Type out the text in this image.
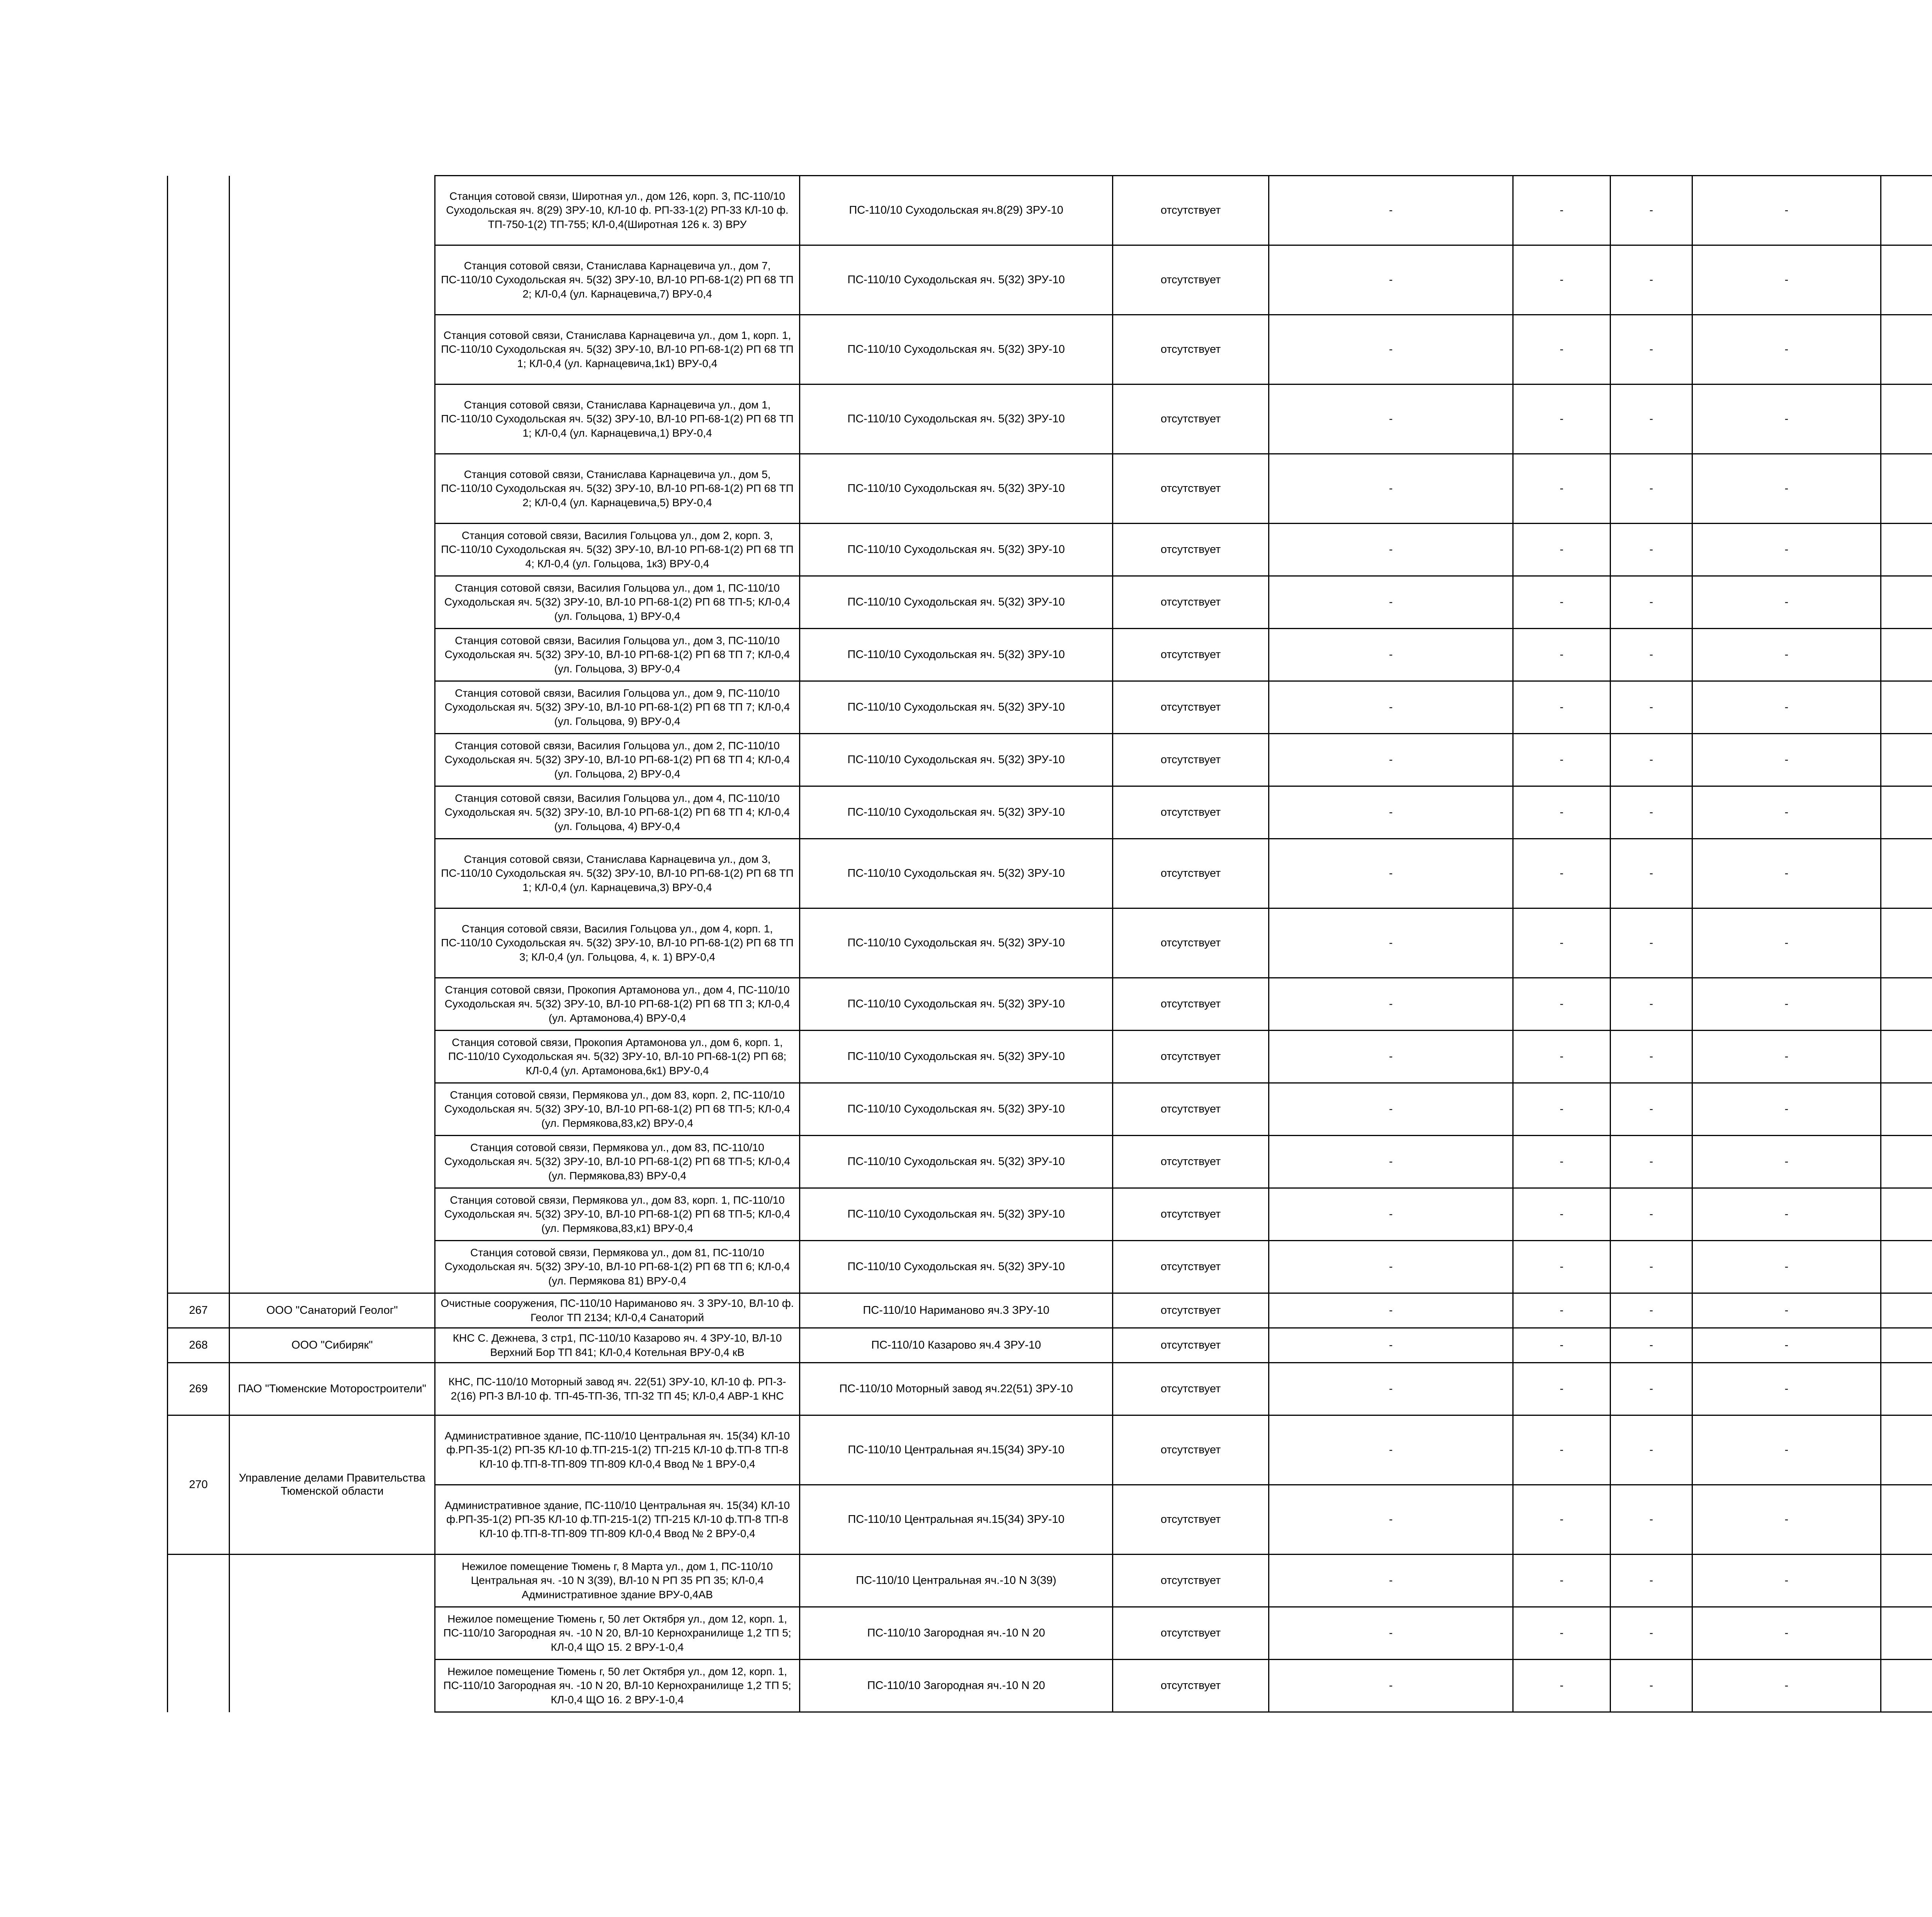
		Станция сотовой связи, Широтная ул., дом 126, корп. 3, ПС-110/10 Суходольская яч. 8(29) ЗРУ-10, КЛ-10 ф. РП-33-1(2) РП-33 КЛ-10 ф. ТП-750-1(2) ТП-755; КЛ-0,4(Широтная 126 к. 3) ВРУ	ПС-110/10 Суходольская яч.8(29) ЗРУ-10	отсутствует	-	-	-	-		
		Станция сотовой связи, Станислава Карнацевича ул., дом 7, ПС-110/10 Суходольская яч. 5(32) ЗРУ-10, ВЛ-10 РП-68-1(2) РП 68 ТП 2; КЛ-0,4 (ул. Карнацевича,7) ВРУ-0,4	ПС-110/10 Суходольская яч. 5(32) ЗРУ-10	отсутствует	-	-	-	-		
		Станция сотовой связи, Станислава Карнацевича ул., дом 1, корп. 1, ПС-110/10 Суходольская яч. 5(32) ЗРУ-10, ВЛ-10 РП-68-1(2) РП 68 ТП 1; КЛ-0,4 (ул. Карнацевича,1к1) ВРУ-0,4	ПС-110/10 Суходольская яч. 5(32) ЗРУ-10	отсутствует	-	-	-	-		
		Станция сотовой связи, Станислава Карнацевича ул., дом 1, ПС-110/10 Суходольская яч. 5(32) ЗРУ-10, ВЛ-10 РП-68-1(2) РП 68 ТП 1; КЛ-0,4 (ул. Карнацевича,1) ВРУ-0,4	ПС-110/10 Суходольская яч. 5(32) ЗРУ-10	отсутствует	-	-	-	-		
		Станция сотовой связи, Станислава Карнацевича ул., дом 5, ПС-110/10 Суходольская яч. 5(32) ЗРУ-10, ВЛ-10 РП-68-1(2) РП 68 ТП 2; КЛ-0,4 (ул. Карнацевича,5) ВРУ-0,4	ПС-110/10 Суходольская яч. 5(32) ЗРУ-10	отсутствует	-	-	-	-		
		Станция сотовой связи, Василия Гольцова ул., дом 2, корп. 3, ПС-110/10 Суходольская яч. 5(32) ЗРУ-10, ВЛ-10 РП-68-1(2) РП 68 ТП 4; КЛ-0,4 (ул. Гольцова, 1к3) ВРУ-0,4	ПС-110/10 Суходольская яч. 5(32) ЗРУ-10	отсутствует	-	-	-	-		
		Станция сотовой связи, Василия Гольцова ул., дом 1, ПС-110/10 Суходольская яч. 5(32) ЗРУ-10, ВЛ-10 РП-68-1(2) РП 68 ТП-5; КЛ-0,4 (ул. Гольцова, 1) ВРУ-0,4	ПС-110/10 Суходольская яч. 5(32) ЗРУ-10	отсутствует	-	-	-	-		
		Станция сотовой связи, Василия Гольцова ул., дом 3, ПС-110/10 Суходольская яч. 5(32) ЗРУ-10, ВЛ-10 РП-68-1(2) РП 68 ТП 7; КЛ-0,4 (ул. Гольцова, 3) ВРУ-0,4	ПС-110/10 Суходольская яч. 5(32) ЗРУ-10	отсутствует	-	-	-	-		
		Станция сотовой связи, Василия Гольцова ул., дом 9, ПС-110/10 Суходольская яч. 5(32) ЗРУ-10, ВЛ-10 РП-68-1(2) РП 68 ТП 7; КЛ-0,4 (ул. Гольцова, 9) ВРУ-0,4	ПС-110/10 Суходольская яч. 5(32) ЗРУ-10	отсутствует	-	-	-	-		
		Станция сотовой связи, Василия Гольцова ул., дом 2, ПС-110/10 Суходольская яч. 5(32) ЗРУ-10, ВЛ-10 РП-68-1(2) РП 68 ТП 4; КЛ-0,4 (ул. Гольцова, 2) ВРУ-0,4	ПС-110/10 Суходольская яч. 5(32) ЗРУ-10	отсутствует	-	-	-	-		
		Станция сотовой связи, Василия Гольцова ул., дом 4, ПС-110/10 Суходольская яч. 5(32) ЗРУ-10, ВЛ-10 РП-68-1(2) РП 68 ТП 4; КЛ-0,4 (ул. Гольцова, 4) ВРУ-0,4	ПС-110/10 Суходольская яч. 5(32) ЗРУ-10	отсутствует	-	-	-	-		
		Станция сотовой связи, Станислава Карнацевича ул., дом 3, ПС-110/10 Суходольская яч. 5(32) ЗРУ-10, ВЛ-10 РП-68-1(2) РП 68 ТП 1; КЛ-0,4 (ул. Карнацевича,3) ВРУ-0,4	ПС-110/10 Суходольская яч. 5(32) ЗРУ-10	отсутствует	-	-	-	-		
		Станция сотовой связи, Василия Гольцова ул., дом 4, корп. 1, ПС-110/10 Суходольская яч. 5(32) ЗРУ-10, ВЛ-10 РП-68-1(2) РП 68 ТП 3; КЛ-0,4 (ул. Гольцова, 4, к. 1) ВРУ-0,4	ПС-110/10 Суходольская яч. 5(32) ЗРУ-10	отсутствует	-	-	-	-		
		Станция сотовой связи, Прокопия Артамонова ул., дом 4, ПС-110/10 Суходольская яч. 5(32) ЗРУ-10, ВЛ-10 РП-68-1(2) РП 68 ТП 3; КЛ-0,4 (ул. Артамонова,4) ВРУ-0,4	ПС-110/10 Суходольская яч. 5(32) ЗРУ-10	отсутствует	-	-	-	-		
		Станция сотовой связи, Прокопия Артамонова ул., дом 6, корп. 1, ПС-110/10 Суходольская яч. 5(32) ЗРУ-10, ВЛ-10 РП-68-1(2) РП 68; КЛ-0,4 (ул. Артамонова,6к1) ВРУ-0,4	ПС-110/10 Суходольская яч. 5(32) ЗРУ-10	отсутствует	-	-	-	-		
		Станция сотовой связи, Пермякова ул., дом 83, корп. 2, ПС-110/10 Суходольская яч. 5(32) ЗРУ-10, ВЛ-10 РП-68-1(2) РП 68 ТП-5; КЛ-0,4 (ул. Пермякова,83,к2) ВРУ-0,4	ПС-110/10 Суходольская яч. 5(32) ЗРУ-10	отсутствует	-	-	-	-		
		Станция сотовой связи, Пермякова ул., дом 83, ПС-110/10 Суходольская яч. 5(32) ЗРУ-10, ВЛ-10 РП-68-1(2) РП 68 ТП-5; КЛ-0,4 (ул. Пермякова,83) ВРУ-0,4	ПС-110/10 Суходольская яч. 5(32) ЗРУ-10	отсутствует	-	-	-	-		
		Станция сотовой связи, Пермякова ул., дом 83, корп. 1, ПС-110/10 Суходольская яч. 5(32) ЗРУ-10, ВЛ-10 РП-68-1(2) РП 68 ТП-5; КЛ-0,4 (ул. Пермякова,83,к1) ВРУ-0,4	ПС-110/10 Суходольская яч. 5(32) ЗРУ-10	отсутствует	-	-	-	-		
		Станция сотовой связи, Пермякова ул., дом 81, ПС-110/10 Суходольская яч. 5(32) ЗРУ-10, ВЛ-10 РП-68-1(2) РП 68 ТП 6; КЛ-0,4 (ул. Пермякова 81) ВРУ-0,4	ПС-110/10 Суходольская яч. 5(32) ЗРУ-10	отсутствует	-	-	-	-		
267	ООО "Санаторий Геолог"	Очистные сооружения, ПС-110/10 Нариманово яч. 3 ЗРУ-10, ВЛ-10 ф. Геолог ТП 2134; КЛ-0,4 Санаторий	ПС-110/10 Нариманово яч.3 ЗРУ-10	отсутствует	-	-	-	-		
268	ООО "Сибиряк"	КНС С. Дежнева, 3 стр1, ПС-110/10 Казарово яч. 4 ЗРУ-10, ВЛ-10 Верхний Бор ТП 841; КЛ-0,4 Котельная ВРУ-0,4 кВ	ПС-110/10 Казарово яч.4 ЗРУ-10	отсутствует	-	-	-	-		
269	ПАО "Тюменские Моторостроители"	КНС, ПС-110/10 Моторный завод яч. 22(51) ЗРУ-10, КЛ-10 ф. РП-3-2(16) РП-3 ВЛ-10 ф. ТП-45-ТП-36, ТП-32 ТП 45; КЛ-0,4 АВР-1 КНС	ПС-110/10 Моторный завод яч.22(51) ЗРУ-10	отсутствует	-	-	-	-		
270	Управление делами Правительства Тюменской области	Административное здание, ПС-110/10 Центральная яч. 15(34) КЛ-10 ф.РП-35-1(2) РП-35 КЛ-10 ф.ТП-215-1(2) ТП-215 КЛ-10 ф.ТП-8 ТП-8 КЛ-10 ф.ТП-8-ТП-809 ТП-809 КЛ-0,4 Ввод № 1 ВРУ-0,4	ПС-110/10 Центральная яч.15(34) ЗРУ-10	отсутствует	-	-	-	-		
		Административное здание, ПС-110/10 Центральная яч. 15(34) КЛ-10 ф.РП-35-1(2) РП-35 КЛ-10 ф.ТП-215-1(2) ТП-215 КЛ-10 ф.ТП-8 ТП-8 КЛ-10 ф.ТП-8-ТП-809 ТП-809 КЛ-0,4 Ввод № 2 ВРУ-0,4	ПС-110/10 Центральная яч.15(34) ЗРУ-10	отсутствует	-	-	-	-		
		Нежилое помещение Тюмень г, 8 Марта ул., дом 1, ПС-110/10 Центральная яч. -10 N 3(39), ВЛ-10 N РП 35 РП 35; КЛ-0,4 Административное здание ВРУ-0,4АВ	ПС-110/10 Центральная яч.-10 N 3(39)	отсутствует	-	-	-	-		
		Нежилое помещение Тюмень г, 50 лет Октября ул., дом 12, корп. 1, ПС-110/10 Загородная яч. -10 N 20, ВЛ-10 Кернохранилище 1,2 ТП 5; КЛ-0,4 ЩО 15. 2 ВРУ-1-0,4	ПС-110/10 Загородная яч.-10 N 20	отсутствует	-	-	-	-		
		Нежилое помещение Тюмень г, 50 лет Октября ул., дом 12, корп. 1, ПС-110/10 Загородная яч. -10 N 20, ВЛ-10 Кернохранилище 1,2 ТП 5; КЛ-0,4 ЩО 16. 2 ВРУ-1-0,4	ПС-110/10 Загородная яч.-10 N 20	отсутствует	-	-	-	-		
